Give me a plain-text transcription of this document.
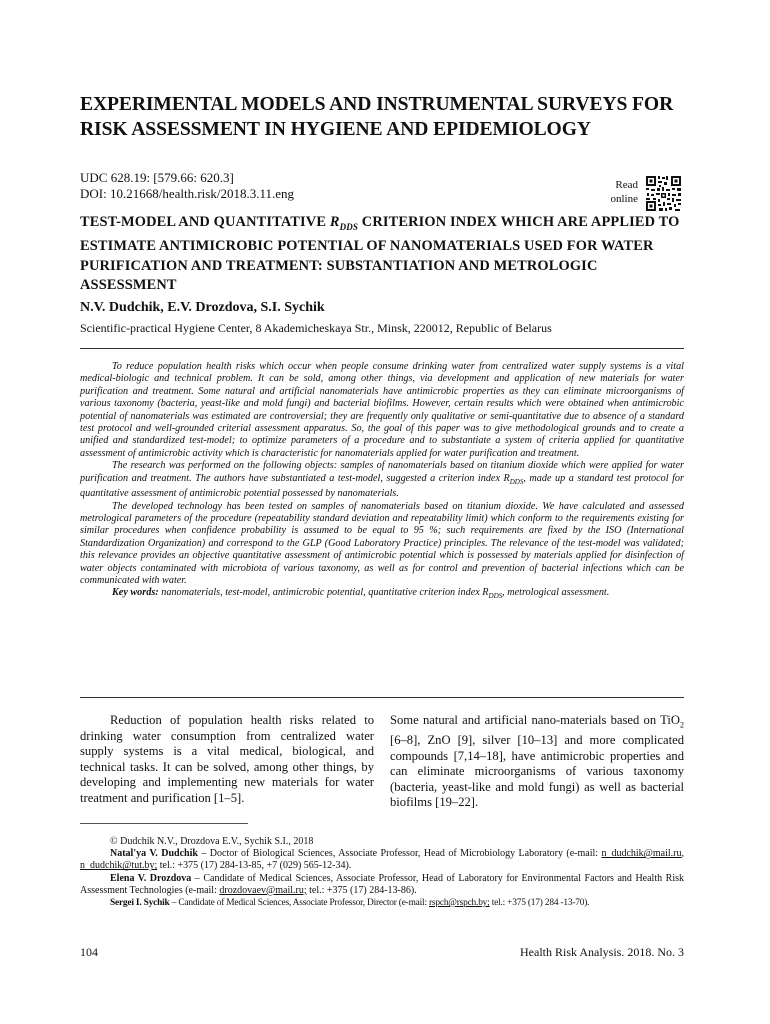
EXPERIMENTAL MODELS AND INSTRUMENTAL SURVEYS FOR RISK ASSESSMENT IN HYGIENE AND EPIDEMIOLOGY
UDC 628.19: [579.66: 620.3]
DOI: 10.21668/health.risk/2018.3.11.eng
Read
online
TEST-MODEL AND QUANTITATIVE $R_{DDS}$ CRITERION INDEX WHICH ARE APPLIED TO ESTIMATE ANTIMICROBIC POTENTIAL OF NANOMATERIALS USED FOR WATER PURIFICATION AND TREATMENT: SUBSTANTIATION AND METROLOGIC ASSESSMENT
N.V. Dudchik, E.V. Drozdova, S.I. Sychik
Scientific-practical Hygiene Center, 8 Akademicheskaya Str., Minsk, 220012, Republic of Belarus

To reduce population health risks which occur when people consume drinking water from centralized water supply systems is a vital medical-biologic and technical problem. It can be sold, among other things, via development and application of new materials for water purification and treatment. Some natural and artificial nanomaterials have antimicrobic properties as they can eliminate microorganisms of various taxonomy (bacteria, yeast-like and mold fungi) and bacterial biofilms. However, certain results which were obtained when antimicrobic potential of nanomaterials was estimated are controversial; they are frequently only qualitative or semi-quantitative due to absence of a standard test protocol and well-grounded criterial assessment apparatus. So, the goal of this paper was to give methodological grounds and to create a unified and standardized test-model; to optimize parameters of a procedure and to substantiate a system of criteria applied for quantitative assessment of antimicrobic activity which is characteristic for nanomaterials applied for water purification and treatment.

The research was performed on the following objects: samples of nanomaterials based on titanium dioxide which were applied for water purification and treatment. The authors have substantiated a test-model, suggested a criterion index $R_{DDS}$, made up a standard test protocol for quantitative assessment of antimicrobic potential possessed by nanomaterials.

The developed technology has been tested on samples of nanomaterials based on titanium dioxide. We have calculated and assessed metrological parameters of the procedure (repeatability standard deviation and repeatability limit) which conform to the requirements existing for similar procedures when confidence probability is assumed to be equal to 95 %; such requirements are fixed by the ISO (International Standardization Organization) and correspond to the GLP (Good Laboratory Practice) principles. The relevance of the test-model was validated; this relevance provides an objective quantitative assessment of antimicrobic potential which is possessed by materials applied for disinfection of water objects contaminated with microbiota of various taxonomy, as well as for control and prevention of bacterial infections which can be communicated with water.

Key words: nanomaterials, test-model, antimicrobic potential, quantitative criterion index $R_{DDS}$, metrological assessment.

Reduction of population health risks related to drinking water consumption from centralized water supply systems is a vital medical, biological, and technical tasks. It can be solved, among other things, by developing and implementing new materials for water treatment and purification [1–5].

Some natural and artificial nano-materials based on TiO$_2$ [6–8], ZnO [9], silver [10–13] and more complicated compounds [7,14–18], have antimicrobic properties and can eliminate microorganisms of various taxonomy (bacteria, yeast-like and mold fungi) as well as bacterial biofilms [19–22].

© Dudchik N.V., Drozdova E.V., Sychik S.I., 2018

Natal'ya V. Dudchik – Doctor of Biological Sciences, Associate Professor, Head of Microbiology Laboratory (e-mail: n_dudchik@mail.ru, n_dudchik@tut.by; tel.: +375 (17) 284-13-85, +7 (029) 565-12-34).

Elena V. Drozdova – Candidate of Medical Sciences, Associate Professor, Head of Laboratory for Environmental Factors and Health Risk Assessment Technologies (e-mail: drozdovaev@mail.ru; tel.: +375 (17) 284-13-86).

Sergei I. Sychik – Candidate of Medical Sciences, Associate Professor, Director (e-mail: rspch@rspch.by; tel.: +375 (17) 284 -13-70).

104	Health Risk Analysis. 2018. No. 3
